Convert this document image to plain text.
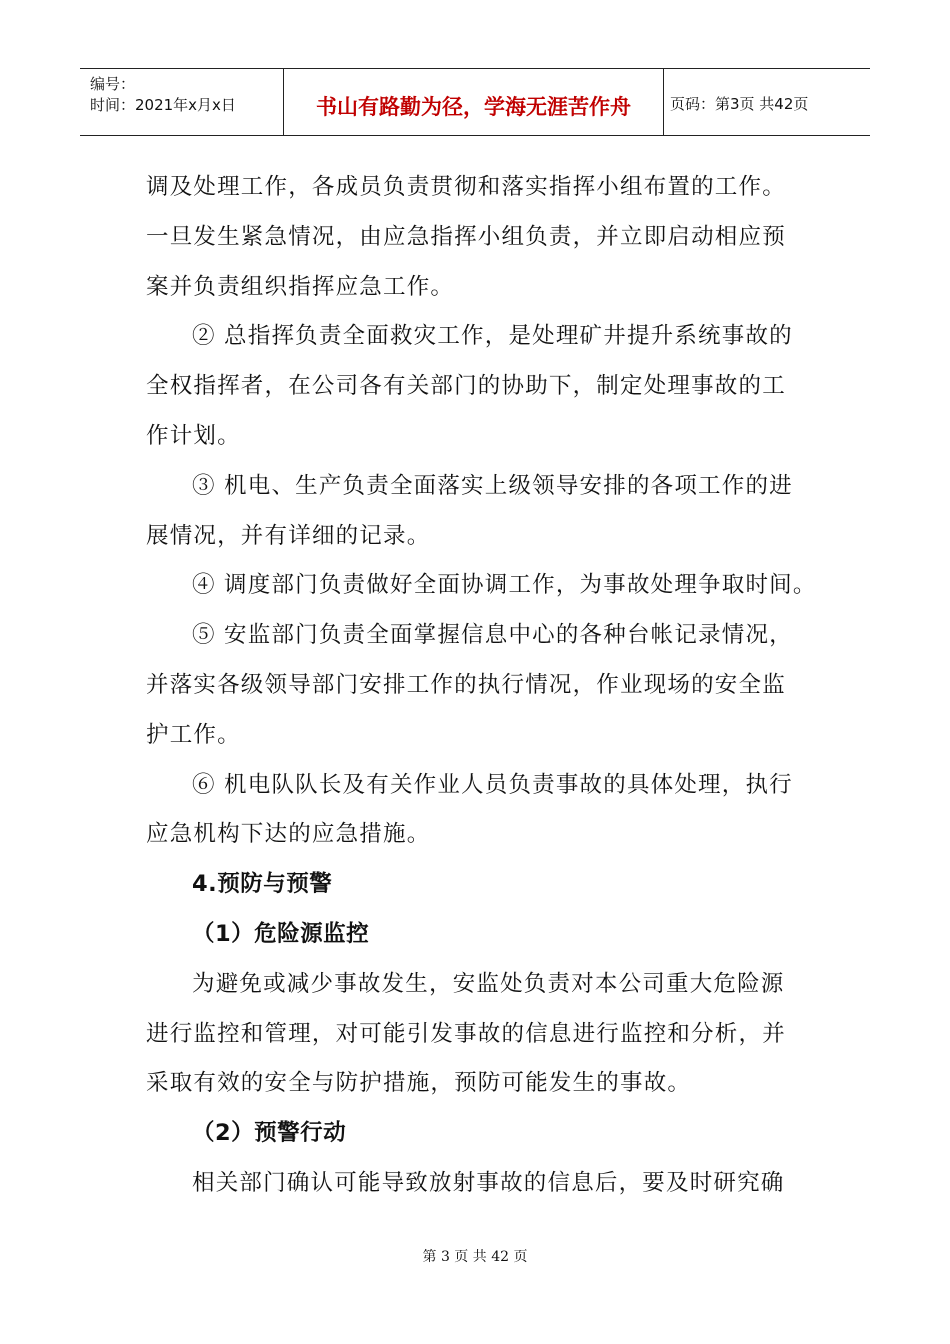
编号：
时间：2021年x月x日	书山有路勤为径，学海无涯苦作舟	页码：第3页 共42页

调及处理工作，各成员负责贯彻和落实指挥小组布置的工作。

一旦发生紧急情况，由应急指挥小组负责，并立即启动相应预

案并负责组织指挥应急工作。

② 总指挥负责全面救灾工作，是处理矿井提升系统事故的

全权指挥者，在公司各有关部门的协助下，制定处理事故的工

作计划。

③ 机电、生产负责全面落实上级领导安排的各项工作的进

展情况，并有详细的记录。

④ 调度部门负责做好全面协调工作，为事故处理争取时间。

⑤ 安监部门负责全面掌握信息中心的各种台帐记录情况，

并落实各级领导部门安排工作的执行情况，作业现场的安全监

护工作。

⑥ 机电队队长及有关作业人员负责事故的具体处理，执行

应急机构下达的应急措施。

4.预防与预警

（1）危险源监控

为避免或减少事故发生，安监处负责对本公司重大危险源

进行监控和管理，对可能引发事故的信息进行监控和分析，并

采取有效的安全与防护措施，预防可能发生的事故。

（2）预警行动

相关部门确认可能导致放射事故的信息后，要及时研究确

第 3 页 共 42 页
